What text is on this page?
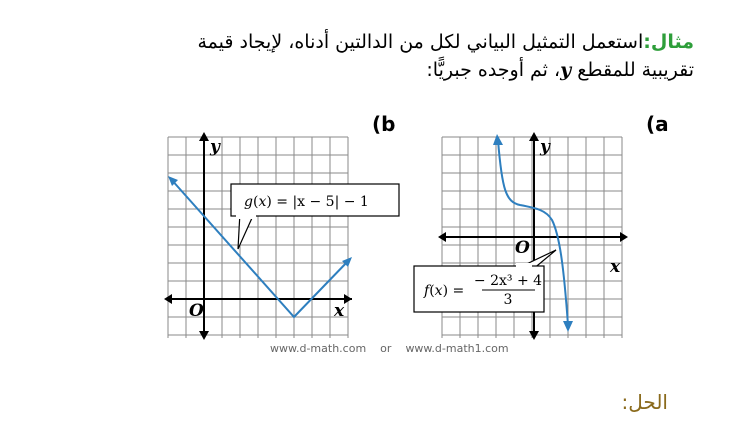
مثال:استعمل التمثيل البياني لكل من الدالتين أدناه، لإيجاد قيمة
تقريبية للمقطع y، ثم أوجده جبريًّا:
(b	(a
y
x
O
g(x) = |x − 5| − 1
y
x
O
f(x) =
− 2x³ + 4
3
www.d-math.com or www.d-math1.com
الحل:
